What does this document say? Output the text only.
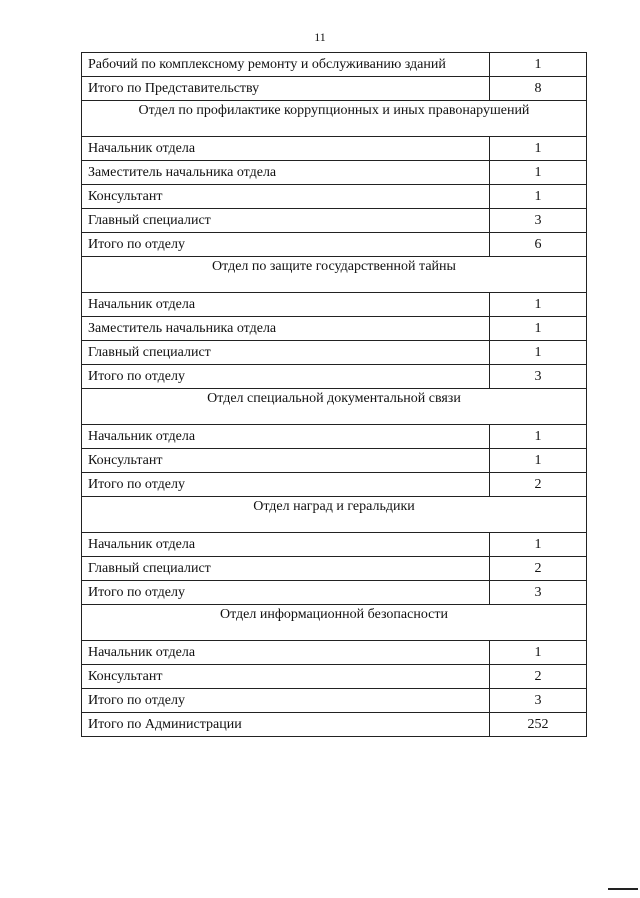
11
Рабочий по комплексному ремонту и обслуживанию зданий	1
Итого по Представительству	8
Отдел по профилактике коррупционных и иных правонарушений	
Начальник отдела	1
Заместитель начальника отдела	1
Консультант	1
Главный специалист	3
Итого по отделу	6
Отдел по защите государственной тайны	
Начальник отдела	1
Заместитель начальника отдела	1
Главный специалист	1
Итого по отделу	3
Отдел специальной документальной связи	
Начальник отдела	1
Консультант	1
Итого по отделу	2
Отдел наград и геральдики	
Начальник отдела	1
Главный специалист	2
Итого по отделу	3
Отдел информационной безопасности	
Начальник отдела	1
Консультант	2
Итого по отделу	3
Итого по Администрации	252
